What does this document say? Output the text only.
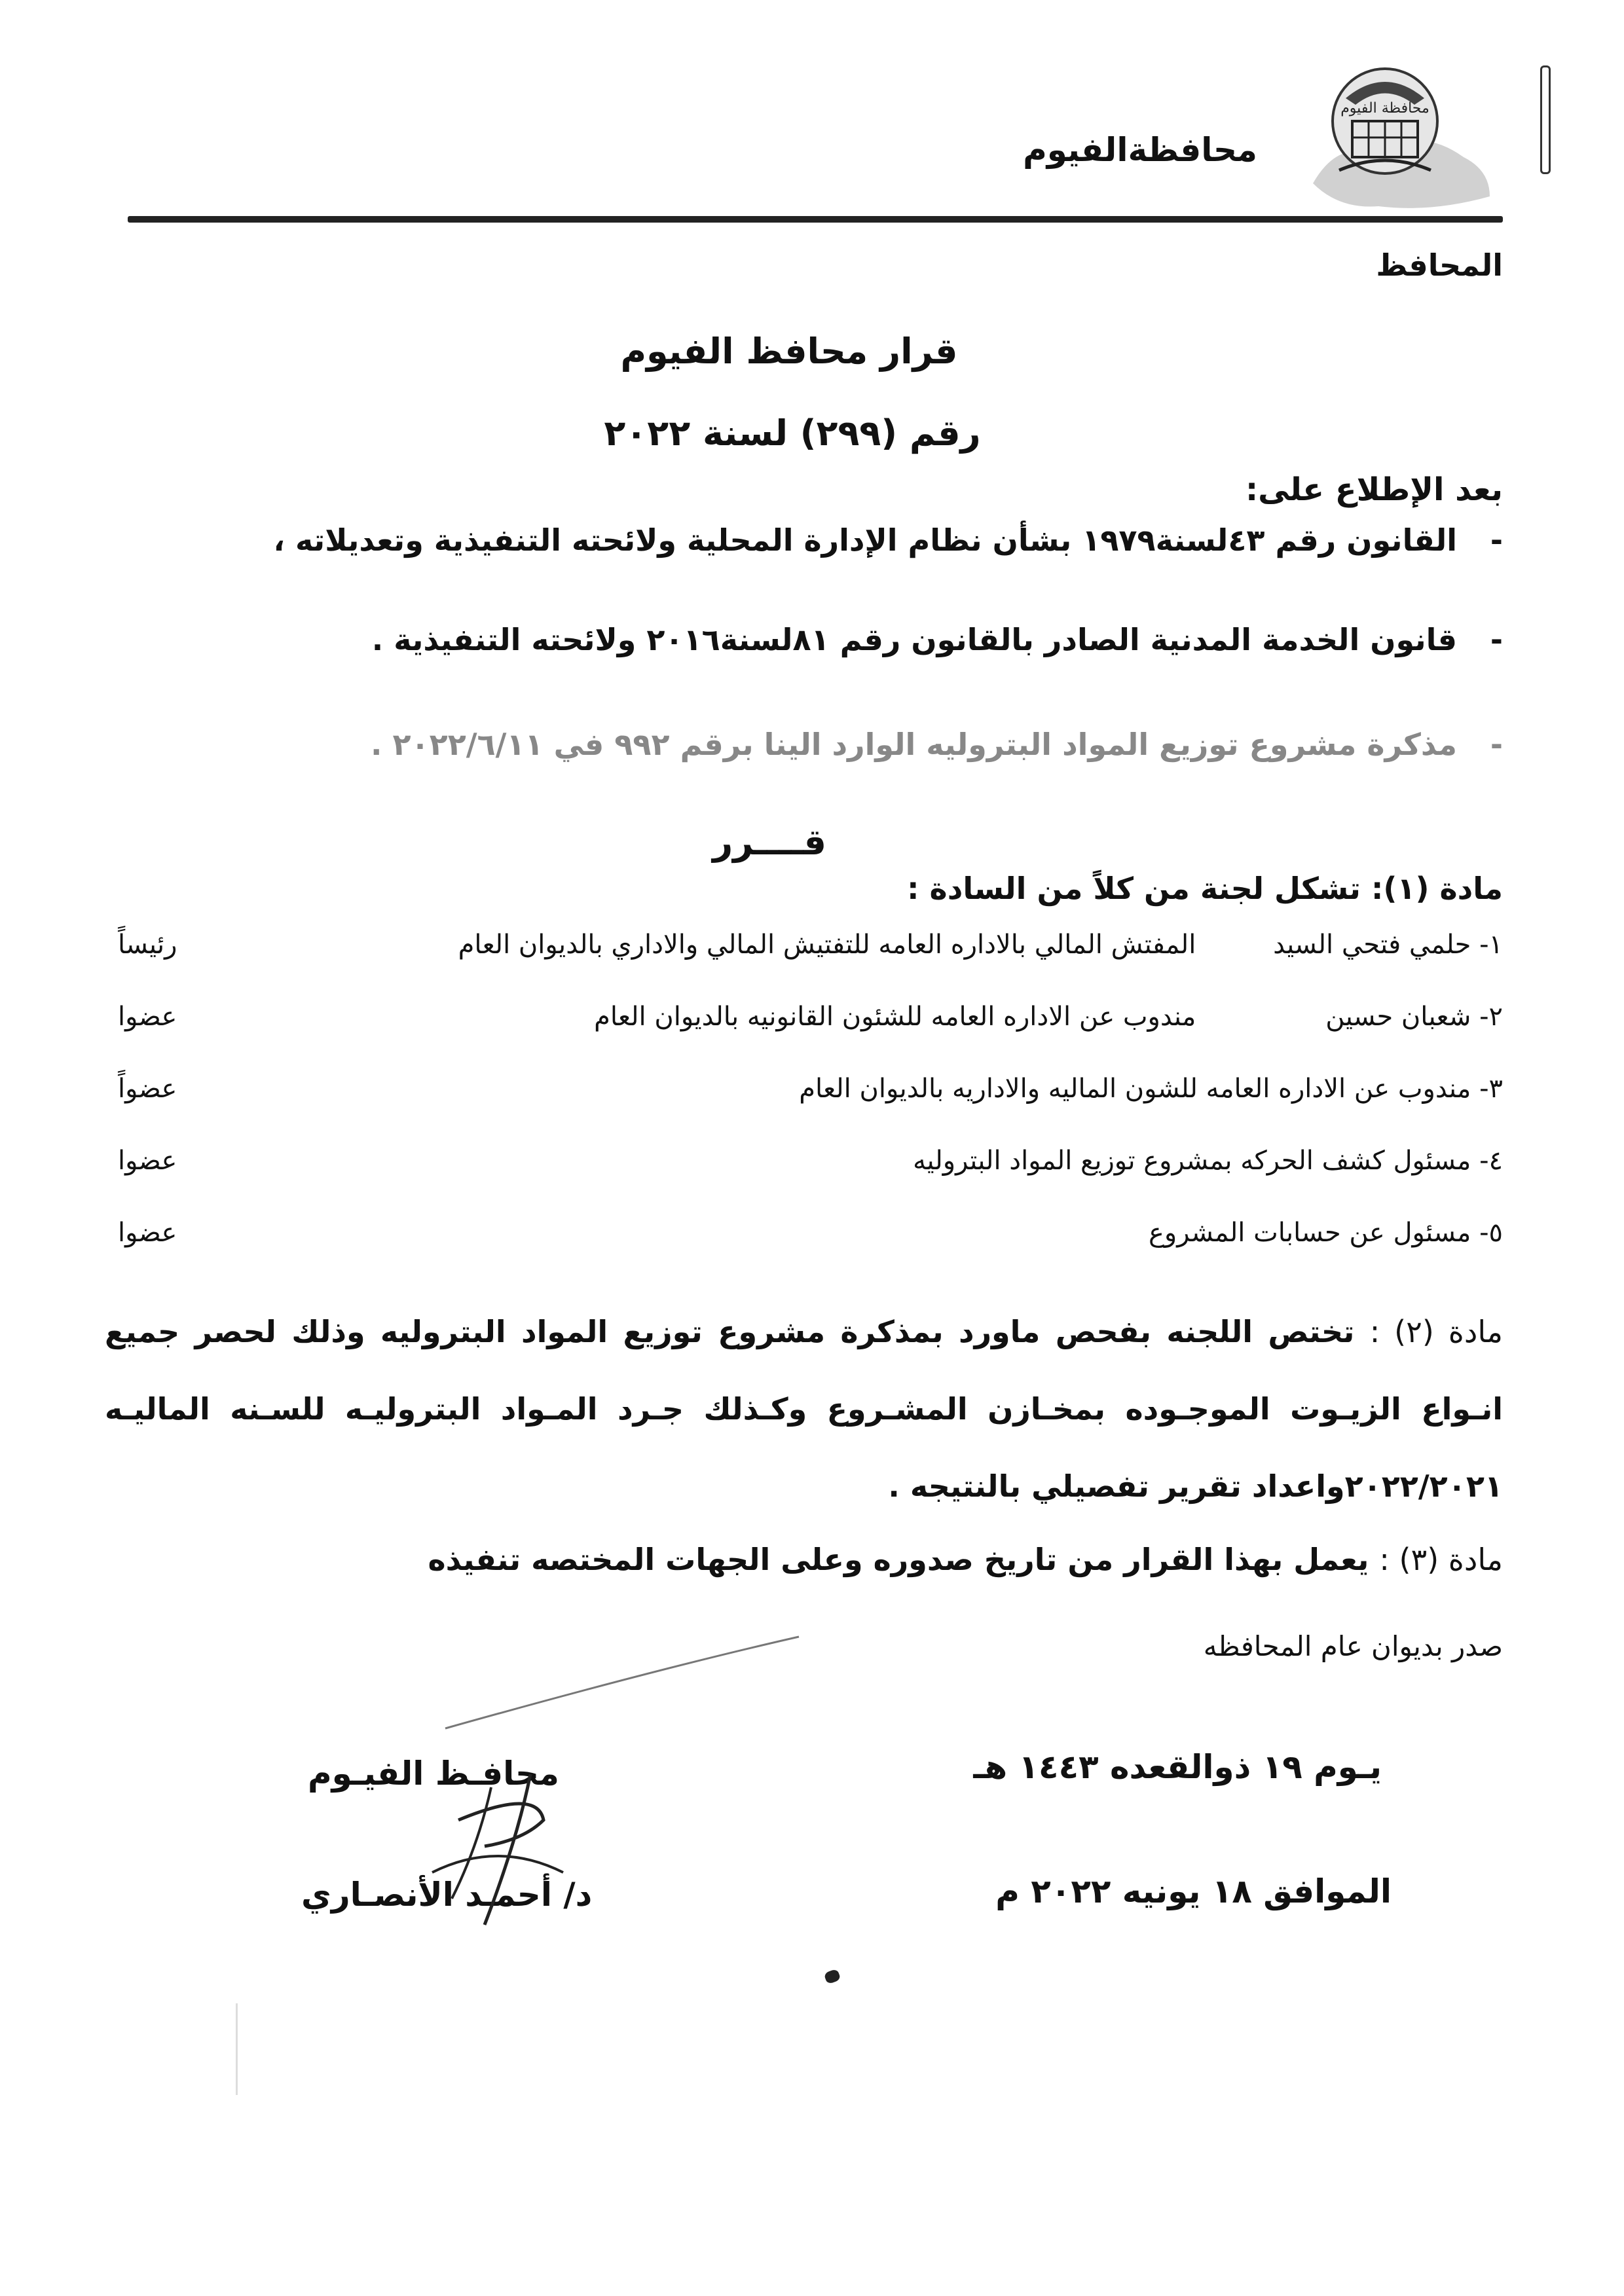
محافظة الفيوم
محافظةالفيوم
المحافظ
قرار محافظ الفيوم
رقم (٢٩٩) لسنة ٢٠٢٢
بعد الإطلاع على:
-القانون رقم ٤٣لسنة١٩٧٩ بشأن نظام الإدارة المحلية ولائحته التنفيذية وتعديلاته ،
-قانون الخدمة المدنية الصادر بالقانون رقم ٨١لسنة٢٠١٦ ولائحته التنفيذية .
-مذكرة مشروع توزيع المواد البتروليه الوارد الينا برقم ٩٩٢ في ٢٠٢٢/٦/١١ .
قــــرر
مادة (١): تشكل لجنة من كلاً من السادة :
١- حلمي فتحي السيدالمفتش المالي بالاداره العامه للتفتيش المالي والاداري بالديوان العام
رئيساً
٢- شعبان حسينمندوب عن الاداره العامه للشئون القانونيه بالديوان العام
عضوا
٣- مندوب عن الاداره العامه للشون الماليه والاداريه بالديوان العام
عضواً
٤- مسئول كشف الحركه بمشروع توزيع المواد البتروليه
عضوا
٥- مسئول عن حسابات المشروع
عضوا
مادة (٢) : تختص اللجنه بفحص ماورد بمذكرة مشروع توزيع المواد البتروليه وذلك لحصر جميع انـواع الزيـوت الموجـوده بمخـازن المشـروع وكـذلك جـرد المـواد البتروليـه للسـنه الماليـه ٢٠٢٢/٢٠٢١واعداد تقرير تفصيلي بالنتيجه .
مادة (٣) : يعمل بهذا القرار من تاريخ صدوره وعلى الجهات المختصه تنفيذه
صدر بديوان عام المحافظه
يـوم ١٩ ذوالقعده ١٤٤٣ هـ
الموافق ١٨ يونيه ٢٠٢٢ م
محافـظ الفيـوم
د/ أحمـد الأنصـاري
